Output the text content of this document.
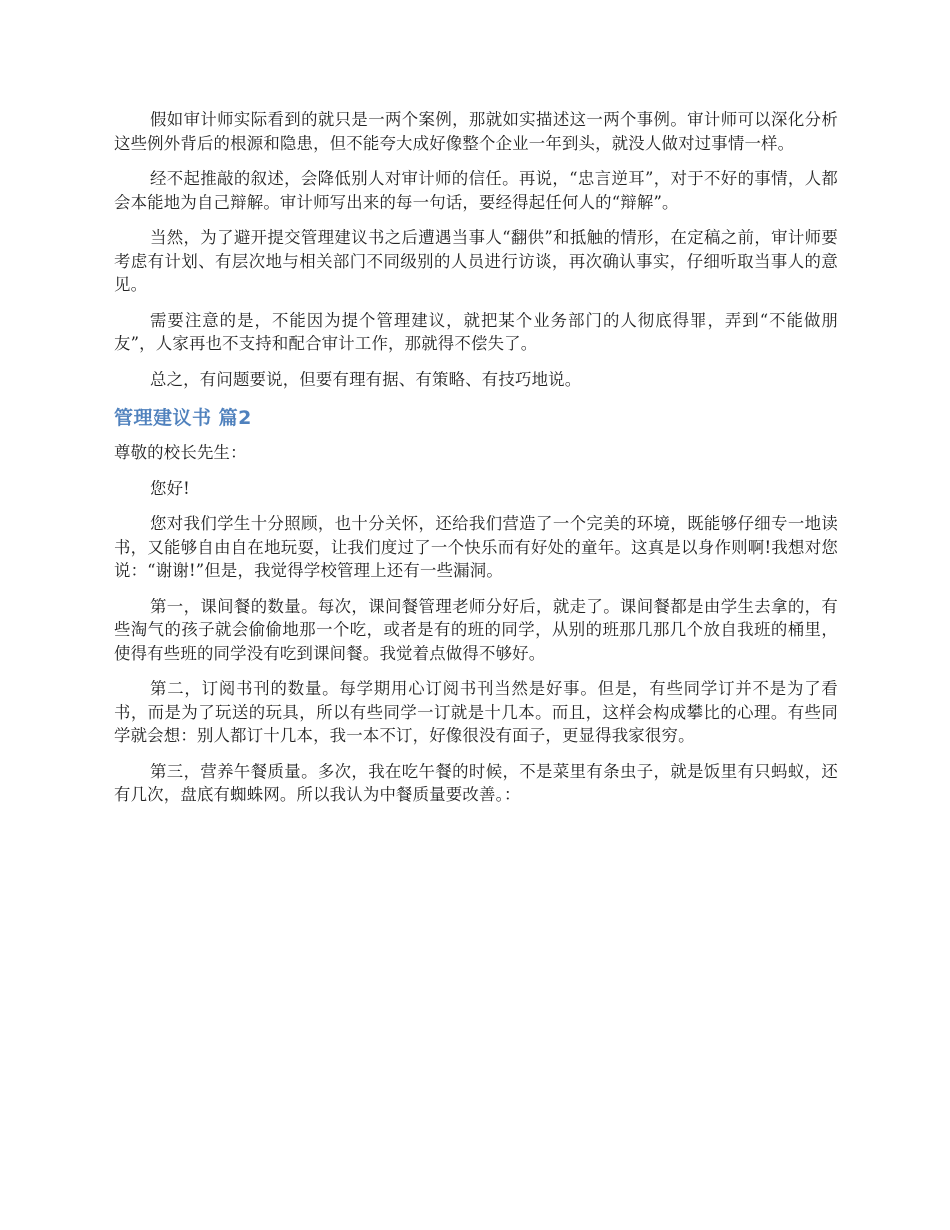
假如审计师实际看到的就只是一两个案例，那就如实描述这一两个事例。审计师可以深化分析这些例外背后的根源和隐患，但不能夸大成好像整个企业一年到头，就没人做对过事情一样。

经不起推敲的叙述，会降低别人对审计师的信任。再说，“忠言逆耳”，对于不好的事情，人都会本能地为自己辩解。审计师写出来的每一句话，要经得起任何人的“辩解”。

当然，为了避开提交管理建议书之后遭遇当事人“翻供”和抵触的情形，在定稿之前，审计师要考虑有计划、有层次地与相关部门不同级别的人员进行访谈，再次确认事实，仔细听取当事人的意见。

需要注意的是，不能因为提个管理建议，就把某个业务部门的人彻底得罪，弄到“不能做朋友”，人家再也不支持和配合审计工作，那就得不偿失了。

总之，有问题要说，但要有理有据、有策略、有技巧地说。

管理建议书 篇2

尊敬的校长先生：

您好!

您对我们学生十分照顾，也十分关怀，还给我们营造了一个完美的环境，既能够仔细专一地读书，又能够自由自在地玩耍，让我们度过了一个快乐而有好处的童年。这真是以身作则啊!我想对您说：“谢谢!”但是，我觉得学校管理上还有一些漏洞。

第一，课间餐的数量。每次，课间餐管理老师分好后，就走了。课间餐都是由学生去拿的，有些淘气的孩子就会偷偷地那一个吃，或者是有的班的同学，从别的班那几那几个放自我班的桶里，使得有些班的同学没有吃到课间餐。我觉着点做得不够好。

第二，订阅书刊的数量。每学期用心订阅书刊当然是好事。但是，有些同学订并不是为了看书，而是为了玩送的玩具，所以有些同学一订就是十几本。而且，这样会构成攀比的心理。有些同学就会想：别人都订十几本，我一本不订，好像很没有面子，更显得我家很穷。

第三，营养午餐质量。多次，我在吃午餐的时候，不是菜里有条虫子，就是饭里有只蚂蚁，还有几次，盘底有蜘蛛网。所以我认为中餐质量要改善。：
